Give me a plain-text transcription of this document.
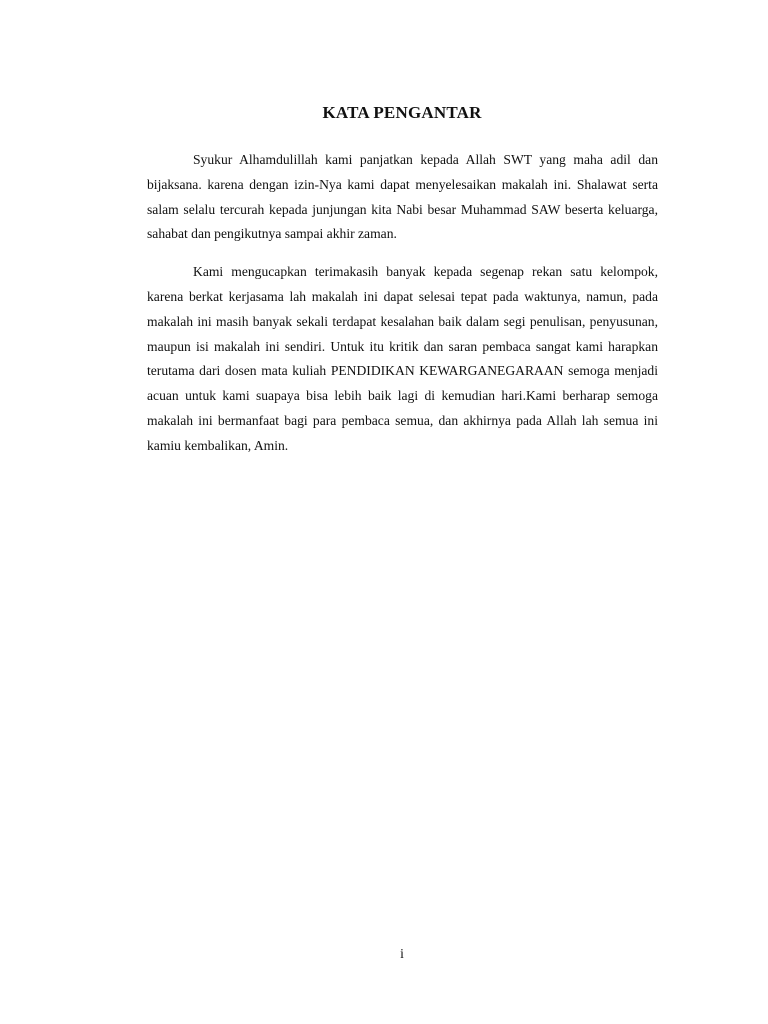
KATA PENGANTAR

Syukur Alhamdulillah kami panjatkan kepada Allah SWT yang maha adil dan bijaksana. karena dengan izin-Nya kami dapat menyelesaikan makalah ini. Shalawat serta salam selalu tercurah kepada junjungan kita Nabi besar Muhammad SAW beserta keluarga, sahabat dan pengikutnya sampai akhir zaman.

Kami mengucapkan terimakasih banyak kepada segenap rekan satu kelompok, karena berkat kerjasama lah makalah ini dapat selesai tepat pada waktunya, namun, pada makalah ini masih banyak sekali terdapat kesalahan baik dalam segi penulisan, penyusunan, maupun isi makalah ini sendiri. Untuk itu kritik dan saran pembaca sangat kami harapkan terutama dari dosen mata kuliah PENDIDIKAN KEWARGANEGARAAN semoga menjadi acuan untuk kami suapaya bisa lebih baik lagi di kemudian hari.Kami berharap semoga makalah ini bermanfaat bagi para pembaca semua, dan akhirnya pada Allah lah semua ini kamiu kembalikan, Amin.

i
